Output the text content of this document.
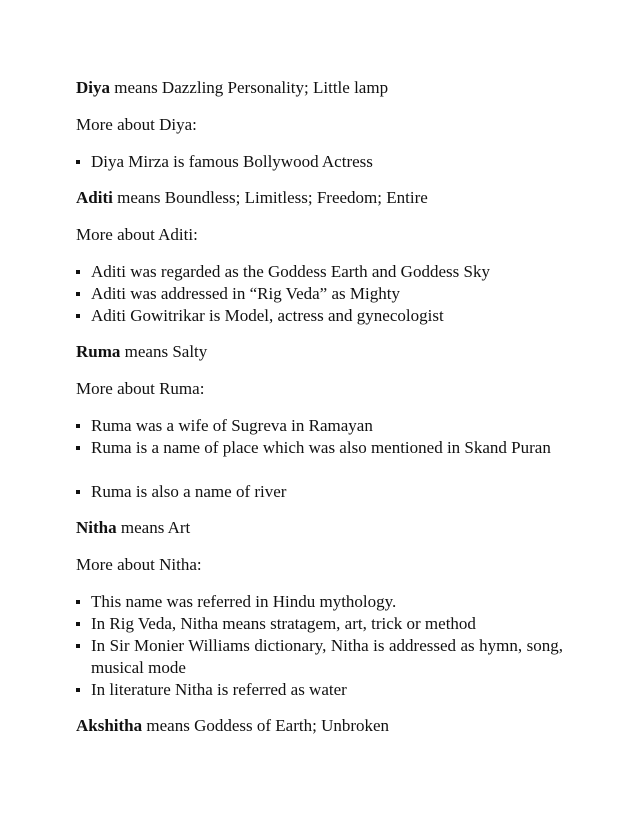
Diya means Dazzling Personality; Little lamp
More about Diya:
Diya Mirza is famous Bollywood Actress
Aditi means Boundless; Limitless; Freedom; Entire
More about Aditi:
Aditi was regarded as the Goddess Earth and Goddess Sky
Aditi was addressed in “Rig Veda” as Mighty
Aditi Gowitrikar is Model, actress and gynecologist
Ruma means Salty
More about Ruma:
Ruma was a wife of Sugreva in Ramayan
Ruma is a name of place which was also mentioned in Skand Puran
Ruma is also a name of river
Nitha means Art
More about Nitha:
This name was referred in Hindu mythology.
In Rig Veda, Nitha means stratagem, art, trick or method
In Sir Monier Williams dictionary, Nitha is addressed as hymn, song, musical mode
In literature Nitha is referred as water
Akshitha means Goddess of Earth; Unbroken
